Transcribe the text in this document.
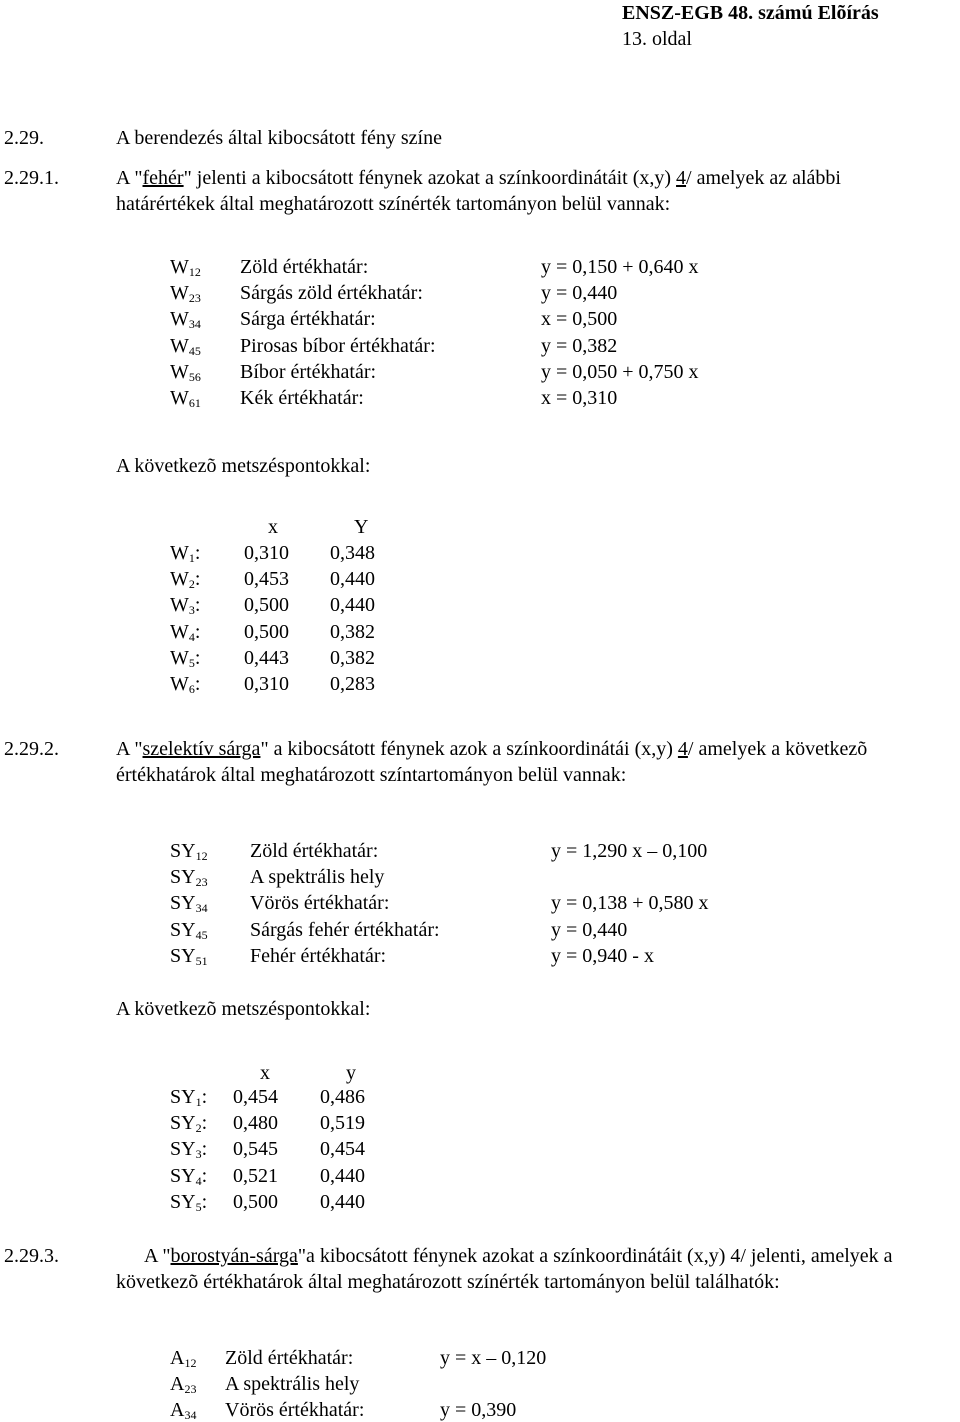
ENSZ-EGB 48. számú Elõírás
13. oldal
2.29.	A berendezés által kibocsátott fény színe
2.29.1.	A "fehér" jelenti a kibocsátott fénynek azokat a színkoordinátáit (x,y) 4/ amelyek az alábbi
határértékek által meghatározott színérték tartományon belül vannak:
$W_{12}$ Zöld értékhatár:	y = 0,150 + 0,640 x
$W_{23}$ Sárgás zöld értékhatár:	y = 0,440
$W_{34}$ Sárga értékhatár:	x = 0,500
$W_{45}$ Pirosas bíbor értékhatár:	y = 0,382
$W_{56}$ Bíbor értékhatár:	y = 0,050 + 0,750 x
$W_{61}$ Kék értékhatár:	x = 0,310
A következõ metszéspontokkal:
x	Y
$W_1$: 0,310 0,348
$W_2$: 0,453 0,440
$W_3$: 0,500 0,440
$W_4$: 0,500 0,382
$W_5$: 0,443 0,382
$W_6$: 0,310 0,283
2.29.2.	A "szelektív sárga" a kibocsátott fénynek azok a színkoordinátái (x,y) 4/ amelyek a következõ
értékhatárok által meghatározott színtartományon belül vannak:
$SY_{12}$ Zöld értékhatár:	y = 1,290 x – 0,100
$SY_{23}$ A spektrális hely
$SY_{34}$ Vörös értékhatár:	y = 0,138 + 0,580 x
$SY_{45}$ Sárgás fehér értékhatár:	y = 0,440
$SY_{51}$ Fehér értékhatár:	y = 0,940 - x
A következõ metszéspontokkal:
x	y
$SY_1$: 0,454 0,486
$SY_2$: 0,480 0,519
$SY_3$: 0,545 0,454
$SY_4$: 0,521 0,440
$SY_5$: 0,500 0,440
2.29.3.	A "borostyán-sárga"a kibocsátott fénynek azokat a színkoordinátáit (x,y) 4/ jelenti, amelyek a
következõ értékhatárok által meghatározott színérték tartományon belül találhatók:
$A_{12}$ Zöld értékhatár:	y = x – 0,120
$A_{23}$ A spektrális hely
$A_{34}$ Vörös értékhatár:	y = 0,390
